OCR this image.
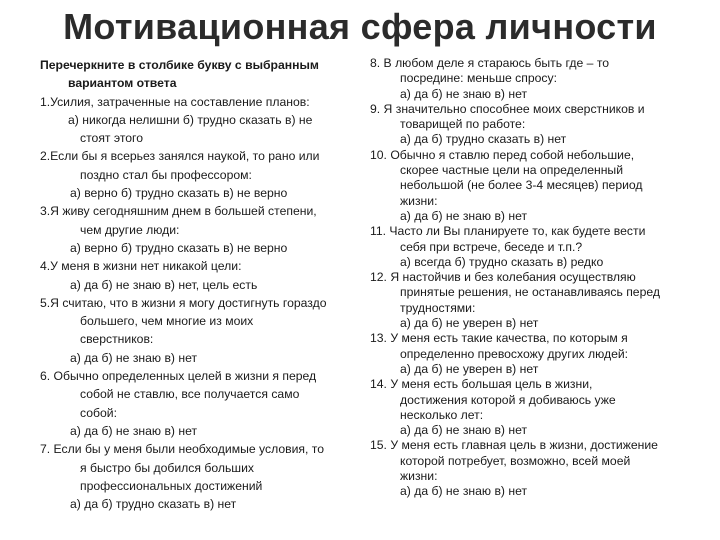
Мотивационная сфера личности
Перечеркните в столбике букву с выбранным
вариантом ответа
1.Усилия, затраченные на составление планов:
а) никогда нелишни б) трудно сказать в) не
стоят этого
2.Если бы я всерьез занялся наукой, то рано или
поздно стал бы профессором:
а) верно б) трудно сказать в) не верно
3.Я живу сегодняшним днем в большей степени,
чем другие люди:
а) верно б) трудно сказать в) не верно
4.У меня в жизни нет никакой цели:
а) да б) не знаю в) нет, цель есть
5.Я считаю, что в жизни я могу достигнуть гораздо
большего, чем многие из моих
сверстников:
а) да б) не знаю в) нет
6. Обычно определенных целей в жизни я перед
собой не ставлю, все получается само
собой:
а) да б) не знаю в) нет
7. Если бы у меня были необходимые условия, то
я быстро бы добился больших
профессиональных достижений
а) да б) трудно сказать в) нет
8. В любом деле я стараюсь быть где – то
посредине: меньше спросу:
а) да б) не знаю в) нет
9. Я значительно способнее моих сверстников и
товарищей по работе:
а) да б) трудно сказать в) нет
10. Обычно я ставлю перед собой небольшие,
скорее частные цели на определенный
небольшой (не более 3-4 месяцев) период
жизни:
а) да б) не знаю в) нет
11. Часто ли Вы планируете то, как будете вести
себя при встрече, беседе и т.п.?
а) всегда б) трудно сказать в) редко
12. Я настойчив и без колебания осуществляю
принятые решения, не останавливаясь перед
трудностями:
а) да б) не уверен в) нет
13. У меня есть такие качества, по которым я
определенно превосхожу других людей:
а) да б) не уверен в) нет
14. У меня есть большая цель в жизни,
достижения которой я добиваюсь уже
несколько лет:
а) да б) не знаю в) нет
15. У меня есть главная цель в жизни, достижение
которой потребует, возможно, всей моей
жизни:
а) да б) не знаю в) нет
